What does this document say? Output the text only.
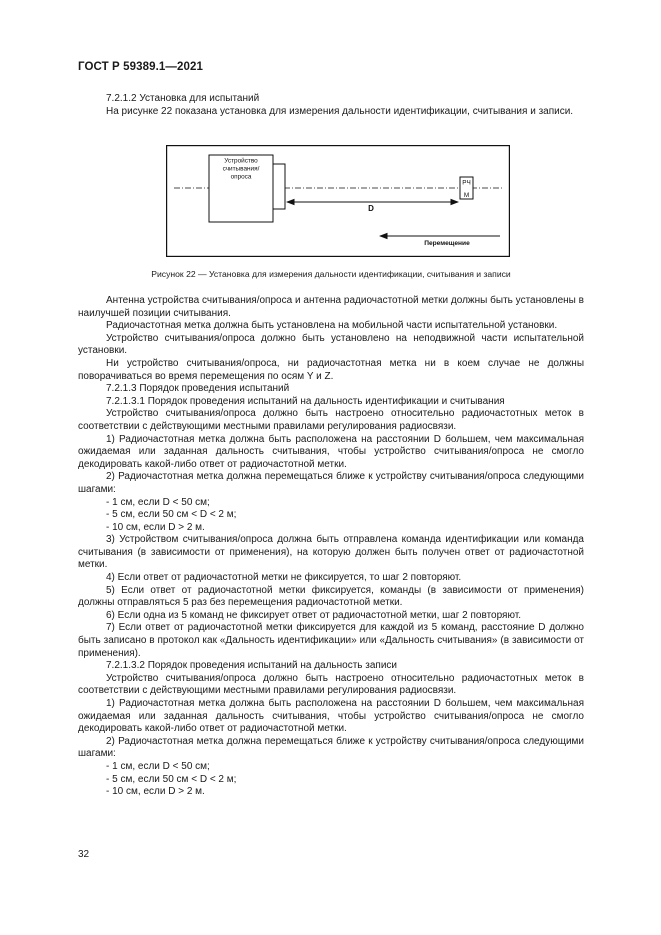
ГОСТ Р 59389.1—2021

7.2.1.2 Установка для испытаний

На рисунке 22 показана установка для измерения дальности идентификации, считывания и записи.

Устройство
считывания/
опроса
РЧ
М
D
Перемещение
Рисунок 22 — Установка для измерения дальности идентификации, считывания и записи

Антенна устройства считывания/опроса и антенна радиочастотной метки должны быть установлены в наилучшей позиции считывания.

Радиочастотная метка должна быть установлена на мобильной части испытательной установки.

Устройство считывания/опроса должно быть установлено на неподвижной части испытательной установки.

Ни устройство считывания/опроса, ни радиочастотная метка ни в коем случае не должны поворачиваться во время перемещения по осям Y и Z.

7.2.1.3 Порядок проведения испытаний

7.2.1.3.1 Порядок проведения испытаний на дальность идентификации и считывания

Устройство считывания/опроса должно быть настроено относительно радиочастотных меток в соответствии с действующими местными правилами регулирования радиосвязи.

1) Радиочастотная метка должна быть расположена на расстоянии D большем, чем максимальная ожидаемая или заданная дальность считывания, чтобы устройство считывания/опроса не смогло декодировать какой-либо ответ от радиочастотной метки.

2) Радиочастотная метка должна перемещаться ближе к устройству считывания/опроса следующими шагами:

- 1 см, если D < 50 см;

- 5 см, если 50 см < D < 2 м;

- 10 см, если D > 2 м.

3) Устройством считывания/опроса должна быть отправлена команда идентификации или команда считывания (в зависимости от применения), на которую должен быть получен ответ от радиочастотной метки.

4) Если ответ от радиочастотной метки не фиксируется, то шаг 2 повторяют.

5) Если ответ от радиочастотной метки фиксируется, команды (в зависимости от применения) должны отправляться 5 раз без перемещения радиочастотной метки.

6) Если одна из 5 команд не фиксирует ответ от радиочастотной метки, шаг 2 повторяют.

7) Если ответ от радиочастотной метки фиксируется для каждой из 5 команд, расстояние D должно быть записано в протокол как «Дальность идентификации» или «Дальность считывания» (в зависимости от применения).

7.2.1.3.2 Порядок проведения испытаний на дальность записи

Устройство считывания/опроса должно быть настроено относительно радиочастотных меток в соответствии с действующими местными правилами регулирования радиосвязи.

1) Радиочастотная метка должна быть расположена на расстоянии D большем, чем максимальная ожидаемая или заданная дальность считывания, чтобы устройство считывания/опроса не смогло декодировать какой-либо ответ от радиочастотной метки.

2) Радиочастотная метка должна перемещаться ближе к устройству считывания/опроса следующими шагами:

- 1 см, если D < 50 см;

- 5 см, если 50 см < D < 2 м;

- 10 см, если D > 2 м.

32
